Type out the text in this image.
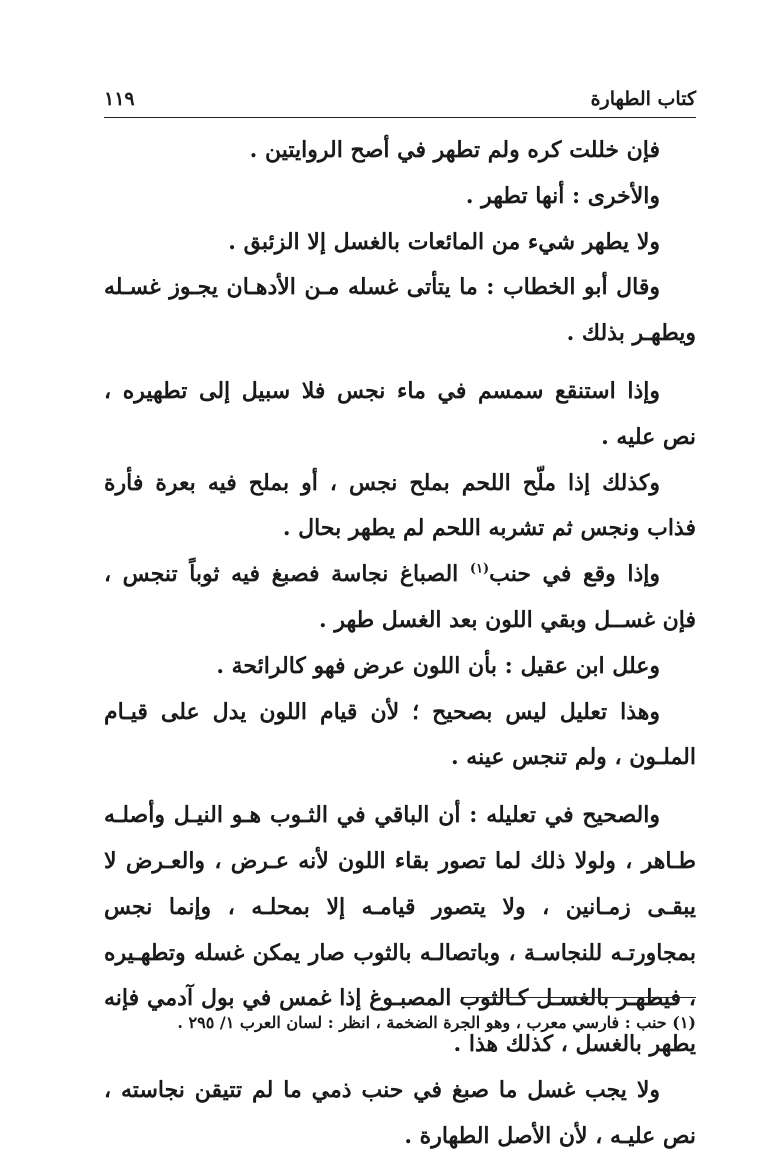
كتاب الطهارة
١١٩

فإن خللت كره ولم تطهر في أصح الروايتين .

والأخرى : أنها تطهر .

ولا يطهر شيء من المائعات بالغسل إلا الزئبق .

وقال أبو الخطاب : ما يتأتى غسله مـن الأدهـان يجـوز غسـله ويطهـر بذلك .

وإذا استنقع سمسم في ماء نجس فلا سبيل إلى تطهيره ، نص عليه .

وكذلك إذا ملّح اللحم بملح نجس ، أو بملح فيه بعرة فأرة فذاب ونجس ثم تشربه اللحم لم يطهر بحال .

وإذا وقع في حنب$^{(١)}$ الصباغ نجاسة فصبغ فيه ثوباً تنجس ، فإن غســل وبقي اللون بعد الغسل طهر .

وعلل ابن عقيل : بأن اللون عرض فهو كالرائحة .

وهذا تعليل ليس بصحيح ؛ لأن قيام اللون يدل على قيـام الملـون ، ولم تنجس عينه .

والصحيح في تعليله : أن الباقي في الثـوب هـو النيـل وأصلـه طـاهر ، ولولا ذلك لما تصور بقاء اللون لأنه عـرض ، والعـرض لا يبقـى زمـانين ، ولا يتصور قيامـه إلا بمحلـه ، وإنما نجس بمجاورتـه للنجاسـة ، وباتصالـه بالثوب صار يمكن غسله وتطهـيره ، فيطهـر بالغسـل كـالثوب المصبـوغ إذا غمس في بول آدمي فإنه يطهر بالغسل ، كذلك هذا .

ولا يجب غسل ما صبغ في حنب ذمي ما لم تتيقن نجاسته ، نص عليـه ، لأن الأصل الطهارة .

(١) حنب : فارسي معرب ، وهو الجرة الضخمة ، انظر : لسان العرب ١/ ٢٩٥ .
